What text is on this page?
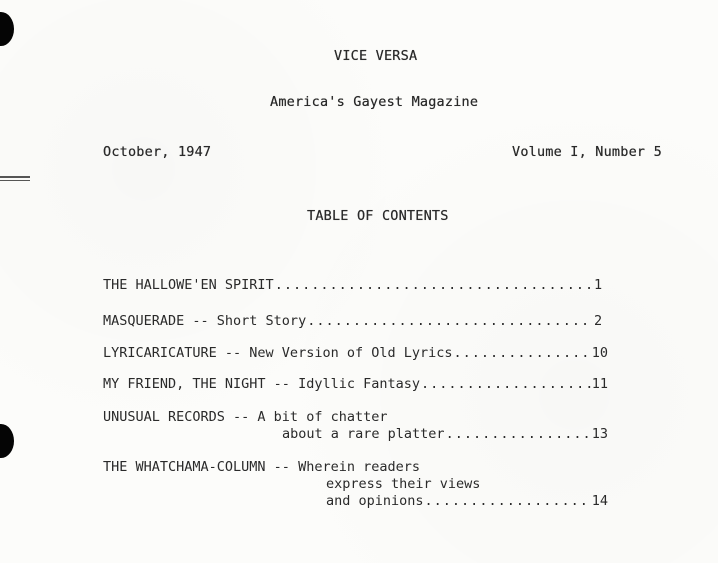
VICE VERSA
America's Gayest Magazine
October, 1947	Volume I, Number 5
TABLE OF CONTENTS
THE HALLOWE'EN SPIRIT .....	1
MASQUERADE -- Short Story .....	2
LYRICARICATURE -- New Version of Old Lyrics .....	10
MY FRIEND, THE NIGHT -- Idyllic Fantasy .....	11
UNUSUAL RECORDS -- A bit of chatter
about a rare platter .....	13
THE WHATCHAMA-COLUMN -- Wherein readers
express their views
and opinions .....	14
